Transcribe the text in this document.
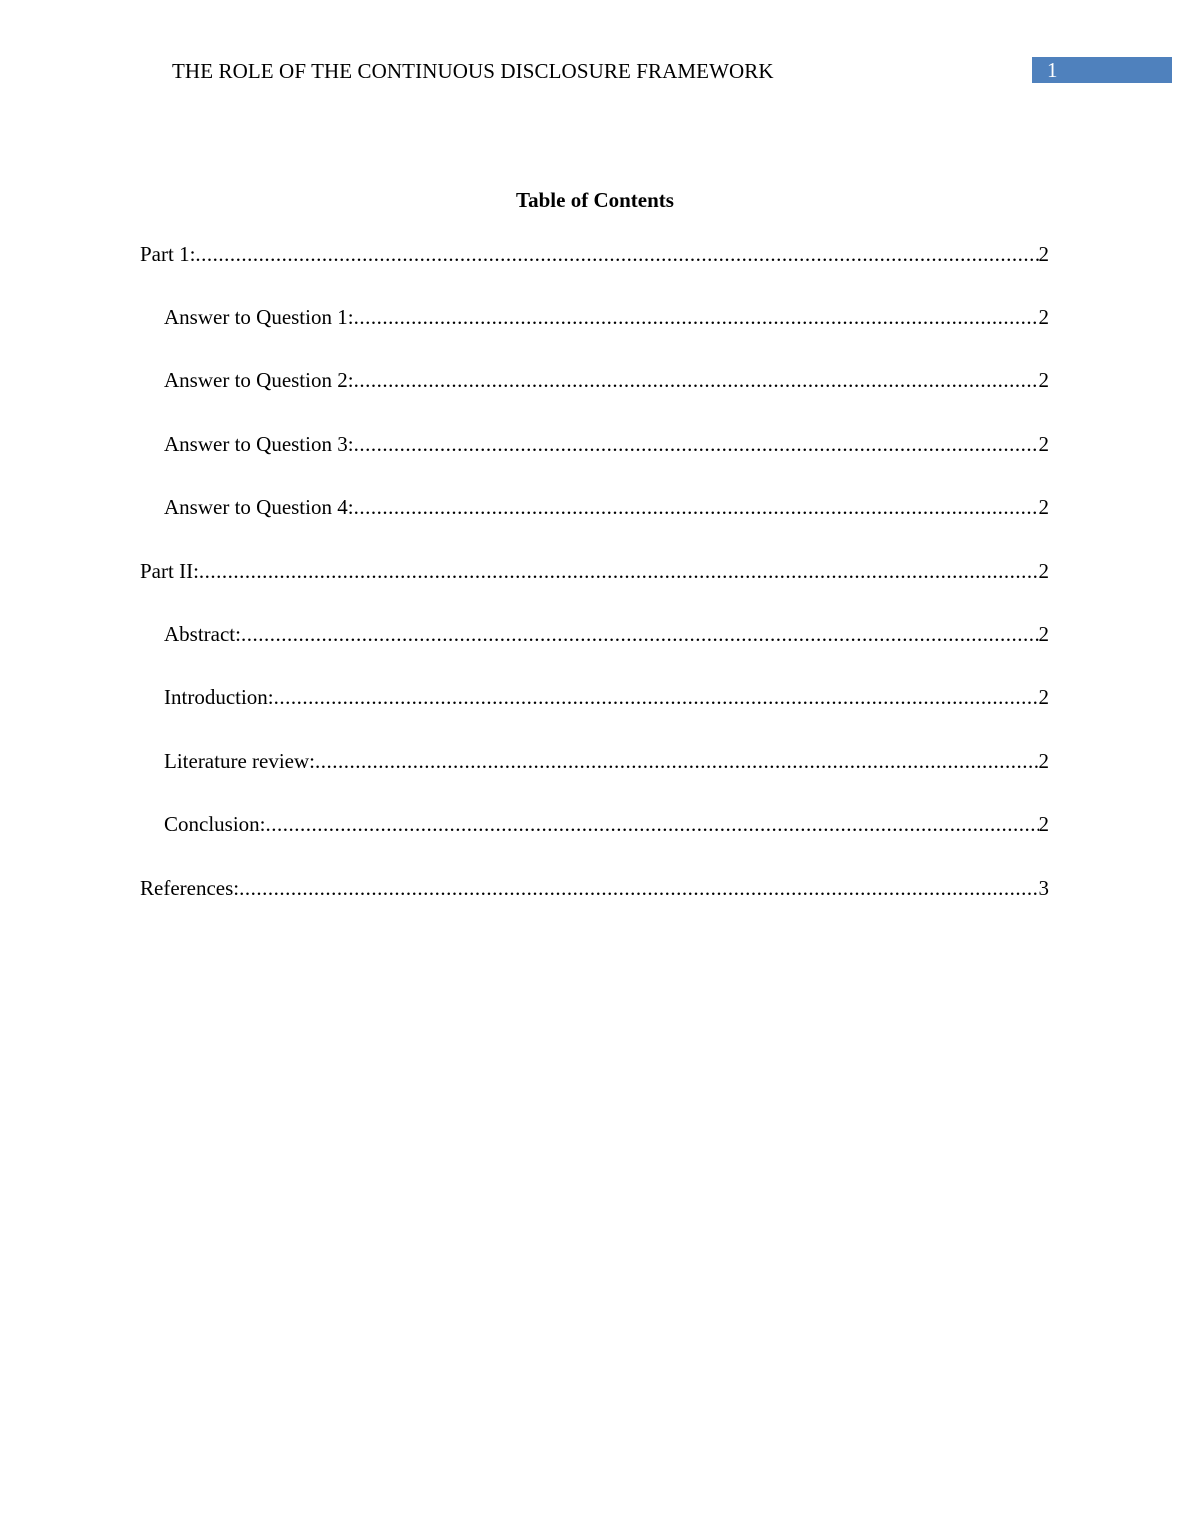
THE ROLE OF THE CONTINUOUS DISCLOSURE FRAMEWORK	1
Table of Contents
Part 1: .....	2
Answer to Question 1: .....	2
Answer to Question 2: .....	2
Answer to Question 3: .....	2
Answer to Question 4: .....	2
Part II: .....	2
Abstract: .....	2
Introduction: .....	2
Literature review: .....	2
Conclusion: .....	2
References: .....	3
